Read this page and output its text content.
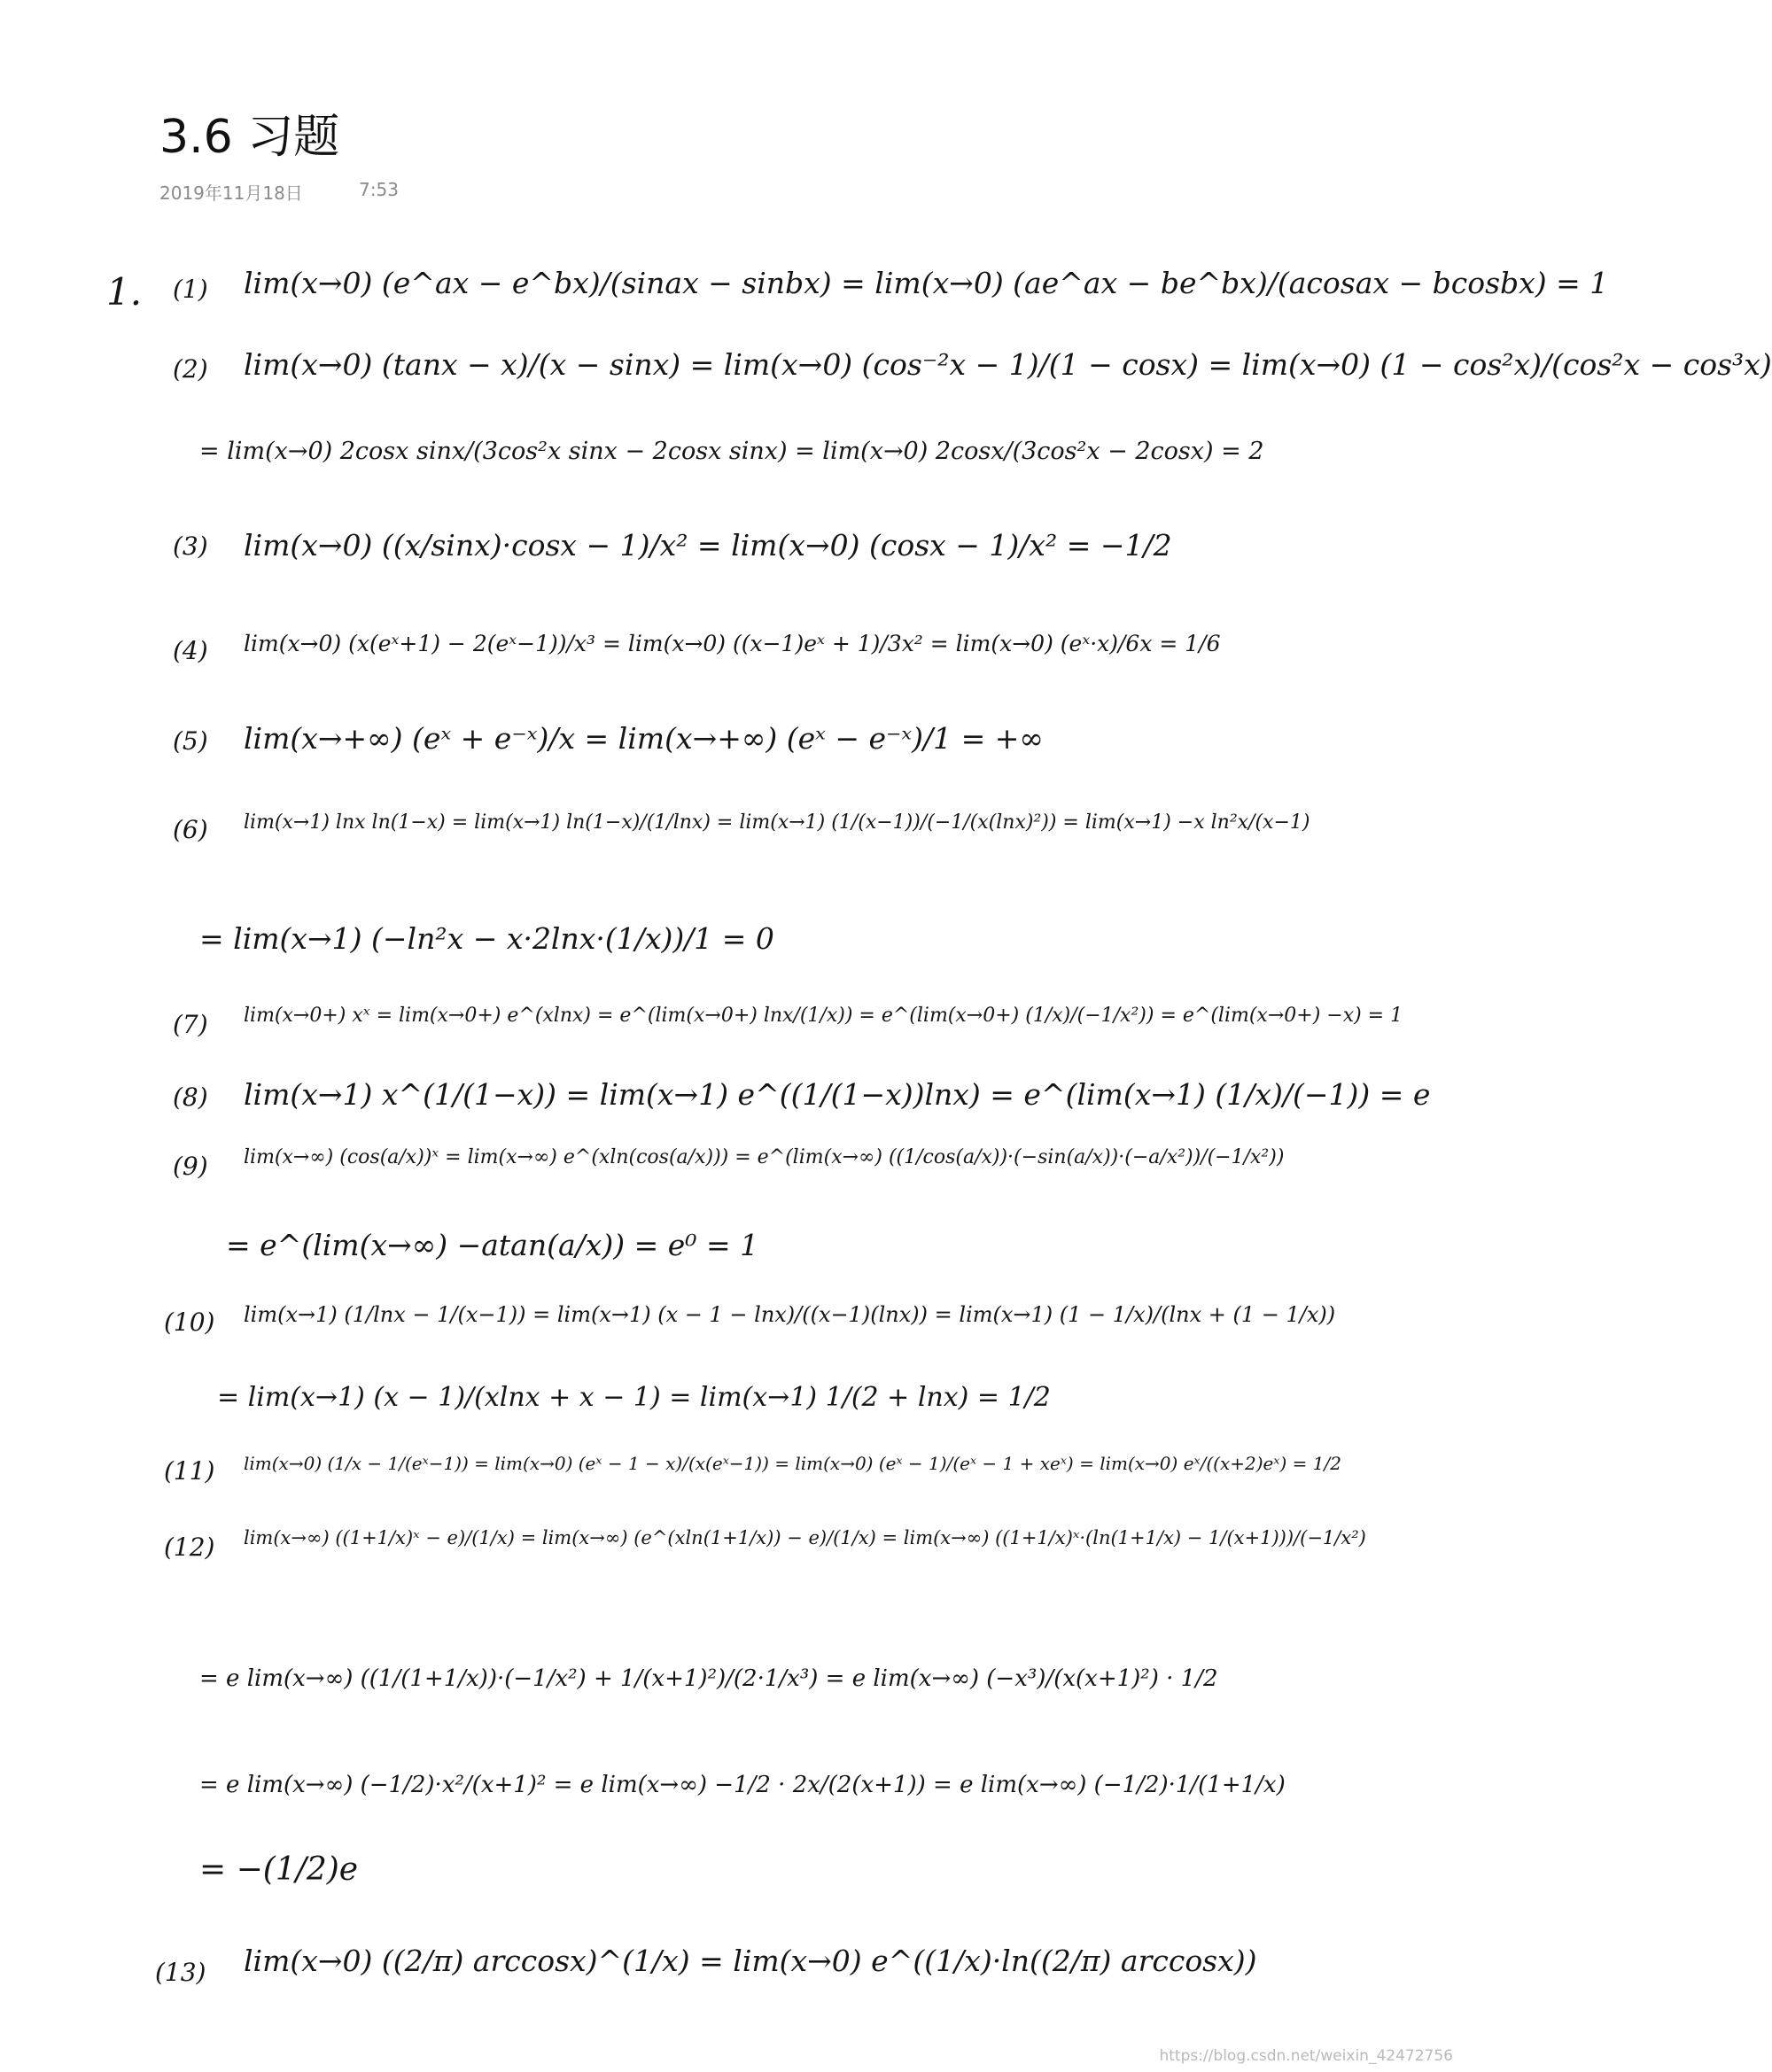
3.6 习题
2019年11月18日	7:53
1. (1) lim(x→0) (e^ax − e^bx)/(sinax − sinbx) = lim(x→0) (ae^ax − be^bx)/(acosax − bcosbx) = 1
(2) lim(x→0) (tanx − x)/(x − sinx) = lim(x→0) (cos⁻²x − 1)/(1 − cosx) = lim(x→0) (1 − cos²x)/(cos²x − cos³x)
= lim(x→0) 2cosx sinx/(3cos²x sinx − 2cosx sinx) = lim(x→0) 2cosx/(3cos²x − 2cosx) = 2
(3) lim(x→0) ((x/sinx)·cosx − 1)/x² = lim(x→0) (cosx − 1)/x² = −1/2
(4) lim(x→0) (x(eˣ+1) − 2(eˣ−1))/x³ = lim(x→0) ((x−1)eˣ + 1)/3x² = lim(x→0) (eˣ·x)/6x = 1/6
(5) lim(x→+∞) (eˣ + e⁻ˣ)/x = lim(x→+∞) (eˣ − e⁻ˣ)/1 = +∞
(6) lim(x→1) lnx ln(1−x) = lim(x→1) ln(1−x)/(1/lnx) = lim(x→1) (1/(x−1))/(−1/(x(lnx)²)) = lim(x→1) −x ln²x/(x−1)
= lim(x→1) (−ln²x − x·2lnx·(1/x))/1 = 0
(7) lim(x→0+) xˣ = lim(x→0+) e^(xlnx) = e^(lim(x→0+) lnx/(1/x)) = e^(lim(x→0+) (1/x)/(−1/x²)) = e^(lim(x→0+) −x) = 1
(8) lim(x→1) x^(1/(1−x)) = lim(x→1) e^((1/(1−x))lnx) = e^(lim(x→1) (1/x)/(−1)) = e
(9) lim(x→∞) (cos(a/x))ˣ = lim(x→∞) e^(xln(cos(a/x))) = e^(lim(x→∞) ((1/cos(a/x))·(−sin(a/x))·(−a/x²))/(−1/x²))
= e^(lim(x→∞) −atan(a/x)) = e⁰ = 1
(10) lim(x→1) (1/lnx − 1/(x−1)) = lim(x→1) (x − 1 − lnx)/((x−1)(lnx)) = lim(x→1) (1 − 1/x)/(lnx + (1 − 1/x))
= lim(x→1) (x − 1)/(xlnx + x − 1) = lim(x→1) 1/(2 + lnx) = 1/2
(11) lim(x→0) (1/x − 1/(eˣ−1)) = lim(x→0) (eˣ − 1 − x)/(x(eˣ−1)) = lim(x→0) (eˣ − 1)/(eˣ − 1 + xeˣ) = lim(x→0) eˣ/((x+2)eˣ) = 1/2
(12) lim(x→∞) ((1+1/x)ˣ − e)/(1/x) = lim(x→∞) (e^(xln(1+1/x)) − e)/(1/x) = lim(x→∞) ((1+1/x)ˣ·(ln(1+1/x) − 1/(x+1)))/(−1/x²)
= e lim(x→∞) ((1/(1+1/x))·(−1/x²) + 1/(x+1)²)/(2·1/x³) = e lim(x→∞) (−x³)/(x(x+1)²) · 1/2
= e lim(x→∞) (−1/2)·x²/(x+1)² = e lim(x→∞) −1/2 · 2x/(2(x+1)) = e lim(x→∞) (−1/2)·1/(1+1/x)
= −(1/2)e
(13) lim(x→0) ((2/π) arccosx)^(1/x) = lim(x→0) e^((1/x)·ln((2/π) arccosx))
https://blog.csdn.net/weixin_42472756
